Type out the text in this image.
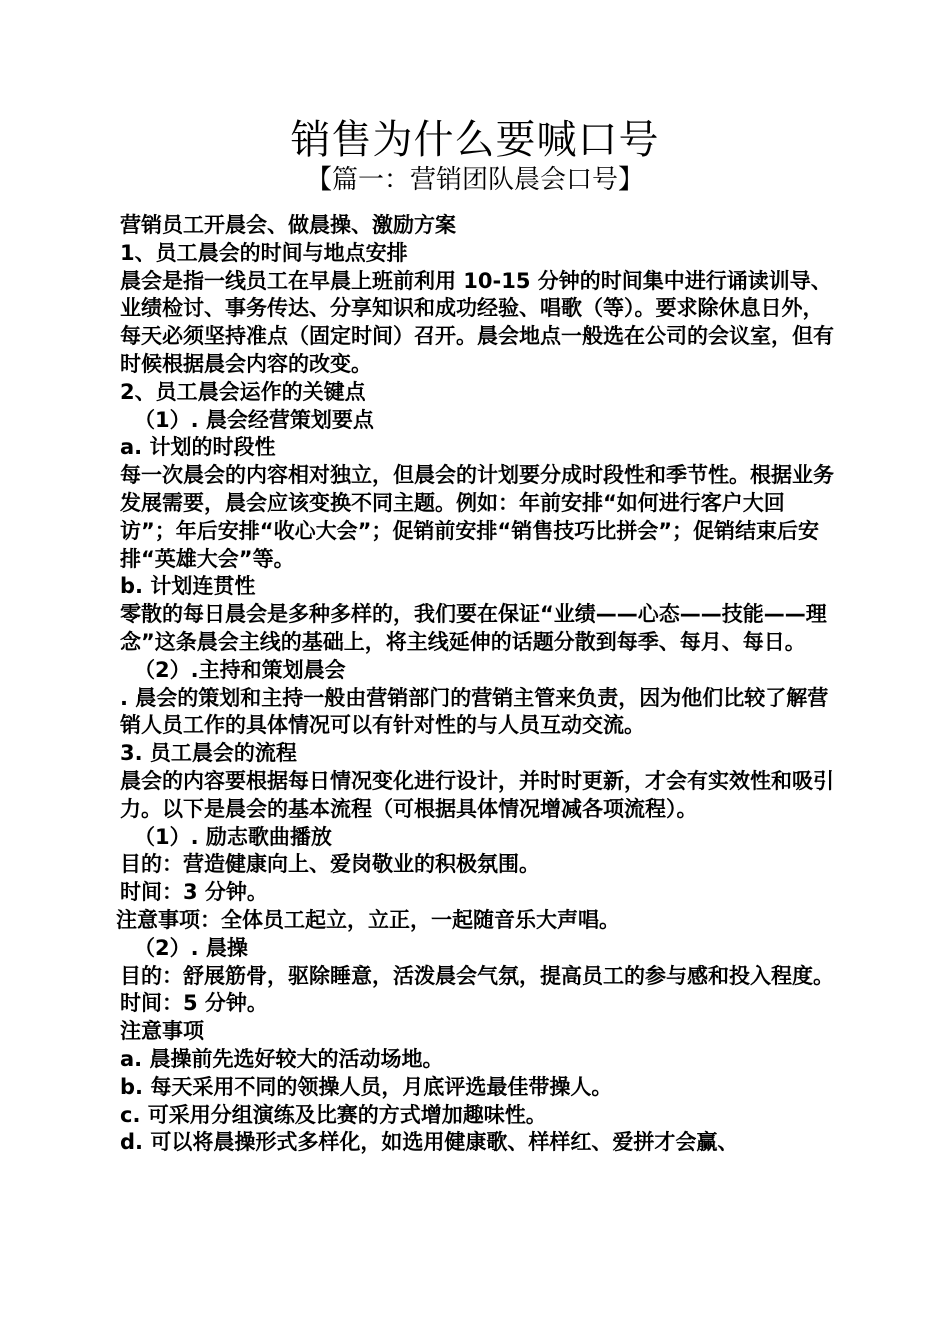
销售为什么要喊口号
【篇一：营销团队晨会口号】

营销员工开晨会、做晨操、激励方案

1、员工晨会的时间与地点安排

晨会是指一线员工在早晨上班前利用 10-15 分钟的时间集中进行诵读训导、业绩检讨、事务传达、分享知识和成功经验、唱歌（等）。要求除休息日外，每天必须坚持准点（固定时间）召开。晨会地点一般选在公司的会议室，但有时候根据晨会内容的改变。

2、员工晨会运作的关键点

（1）. 晨会经营策划要点

a. 计划的时段性

每一次晨会的内容相对独立，但晨会的计划要分成时段性和季节性。根据业务发展需要，晨会应该变换不同主题。例如：年前安排“如何进行客户大回访”；年后安排“收心大会”；促销前安排“销售技巧比拼会”；促销结束后安排“英雄大会”等。

b. 计划连贯性

零散的每日晨会是多种多样的，我们要在保证“业绩——心态——技能——理念”这条晨会主线的基础上，将主线延伸的话题分散到每季、每月、每日。

（2）.主持和策划晨会

. 晨会的策划和主持一般由营销部门的营销主管来负责，因为他们比较了解营销人员工作的具体情况可以有针对性的与人员互动交流。

3. 员工晨会的流程

晨会的内容要根据每日情况变化进行设计，并时时更新，才会有实效性和吸引力。以下是晨会的基本流程（可根据具体情况增减各项流程）。

（1）. 励志歌曲播放

目的：营造健康向上、爱岗敬业的积极氛围。

时间：3 分钟。

注意事项：全体员工起立，立正，一起随音乐大声唱。

（2）. 晨操

目的：舒展筋骨，驱除睡意，活泼晨会气氛，提高员工的参与感和投入程度。时间：5 分钟。

注意事项

a. 晨操前先选好较大的活动场地。

b. 每天采用不同的领操人员，月底评选最佳带操人。

c. 可采用分组演练及比赛的方式增加趣味性。

d. 可以将晨操形式多样化，如选用健康歌、样样红、爱拼才会赢、
